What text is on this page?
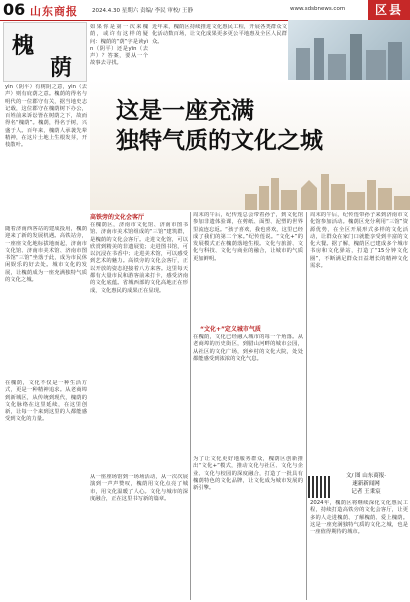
06 山东商报	2024.4.30 星期六 责编/ 李民 审校/ 王静	www.sdsbnews.com	区县
槐
荫
如果你是第一次来槐荫，或许有这样的疑问：槐荫的“荫”字是读yìn（阴平）还是yīn（去声）？答案，要从一个故事去寻找。
yìn（阴平）有树阴之意，yìn（去声）则有庇荫之意。槐荫的得名与明代的一位郡守有关，据当地史志记载，这位郡守在槐荫树下办公，百姓前来诉讼皆在树荫之下，故而得名“槐荫”。槐荫，得名于树，兴盛于人。百年来，槐荫人承袭先辈精神，在这片土地上生根发芽，开枝散叶。
随着济南西客站的建成投用，槐荫迎来了新的发展机遇。高铁站旁，一座座文化地标拔地而起，济南市文化馆、济南市美术馆、济南市图书馆“三馆”坐落于此，成为市民休闲娱乐的好去处。城市文化的发展，让槐荫成为一座充满独特气质的文化之城。
在槐荫，文化不仅是一种生活方式，更是一种精神追求。从老商埠到新城区，从传统到现代，槐荫的文化脉络在这里延续，在这里创新，让每一个来到这里的人都能感受到文化的力量。
近年来，槐荫区持续推进文化惠民工程，开展各类群众文化活动数百场，让文化成果更多更公平地惠及全区人民群众。
这是一座充满
独特气质的文化之城
高铁旁的文化会客厅
在槐荫区，济南市文化馆、济南市图书馆、济南市美术馆组成的“三馆”建筑群，是槐荫的文化会客厅。走进文化馆，可以欣赏到精美的非遗展览；走进图书馆，可以沉浸在书香中；走进美术馆，可以感受到艺术的魅力。高铁旁的文化会客厅，正以开放的姿态迎接着八方来客。这里每天都有大量市民和游客前来打卡，感受济南的文化底蕴。省城西部的文化高地正在形成，文化惠民的成果正在显现。
从一座座场馆到一场场活动，从一次次展演到一声声赞叹，槐荫用文化点亮了城市，用文化温暖了人心。文化与城市的深度融合，正在这里书写新的篇章。
周末的午后，纪传莲总会带着孙子，到文化馆参加非遗体验课，在剪纸、面塑、泥塑的世界里流连忘返。“孩子喜欢，我也喜欢，这里已经成了我们的第二个家。”纪传莲说。“文化+”的发展模式正在槐荫落地生根。文化与旅游、文化与科技、文化与商业的融合，让城市的气质更加鲜明。
“文化+”定义城市气质
在槐荫，文化已经融入城市的每一个角落。从老商埠的历史街区，到腊山河畔的城市公园，从社区的文化广场，到乡村的文化大院，处处都能感受到浓浓的文化气息。
为了让文化更好地服务群众，槐荫区创新推出“文化+”模式，推动文化与社区、文化与企业、文化与校园的深度融合，打造了一批具有槐荫特色的文化品牌，让文化成为城市发展的新引擎。
周末的午后，纪传莲带孙子来到济南市文化馆参加活动。槐荫区充分利用“三馆”资源优势，在全区开展形式多样的文化活动，让群众在家门口就能享受到丰富的文化大餐。据了解，槐荫区已建成多个城市书房和文化驿站，打造了“15分钟文化圈”，不断满足群众日益增长的精神文化需求。
文/ 图 山东商报·
速新新闻网
记者 王秉宸
2024年，槐荫区将继续深化文化惠民工程，持续打造高铁旁的文化会客厅，让更多的人走进槐荫、了解槐荫、爱上槐荫。这是一座充满独特气质的文化之城，也是一座值得期待的城市。
